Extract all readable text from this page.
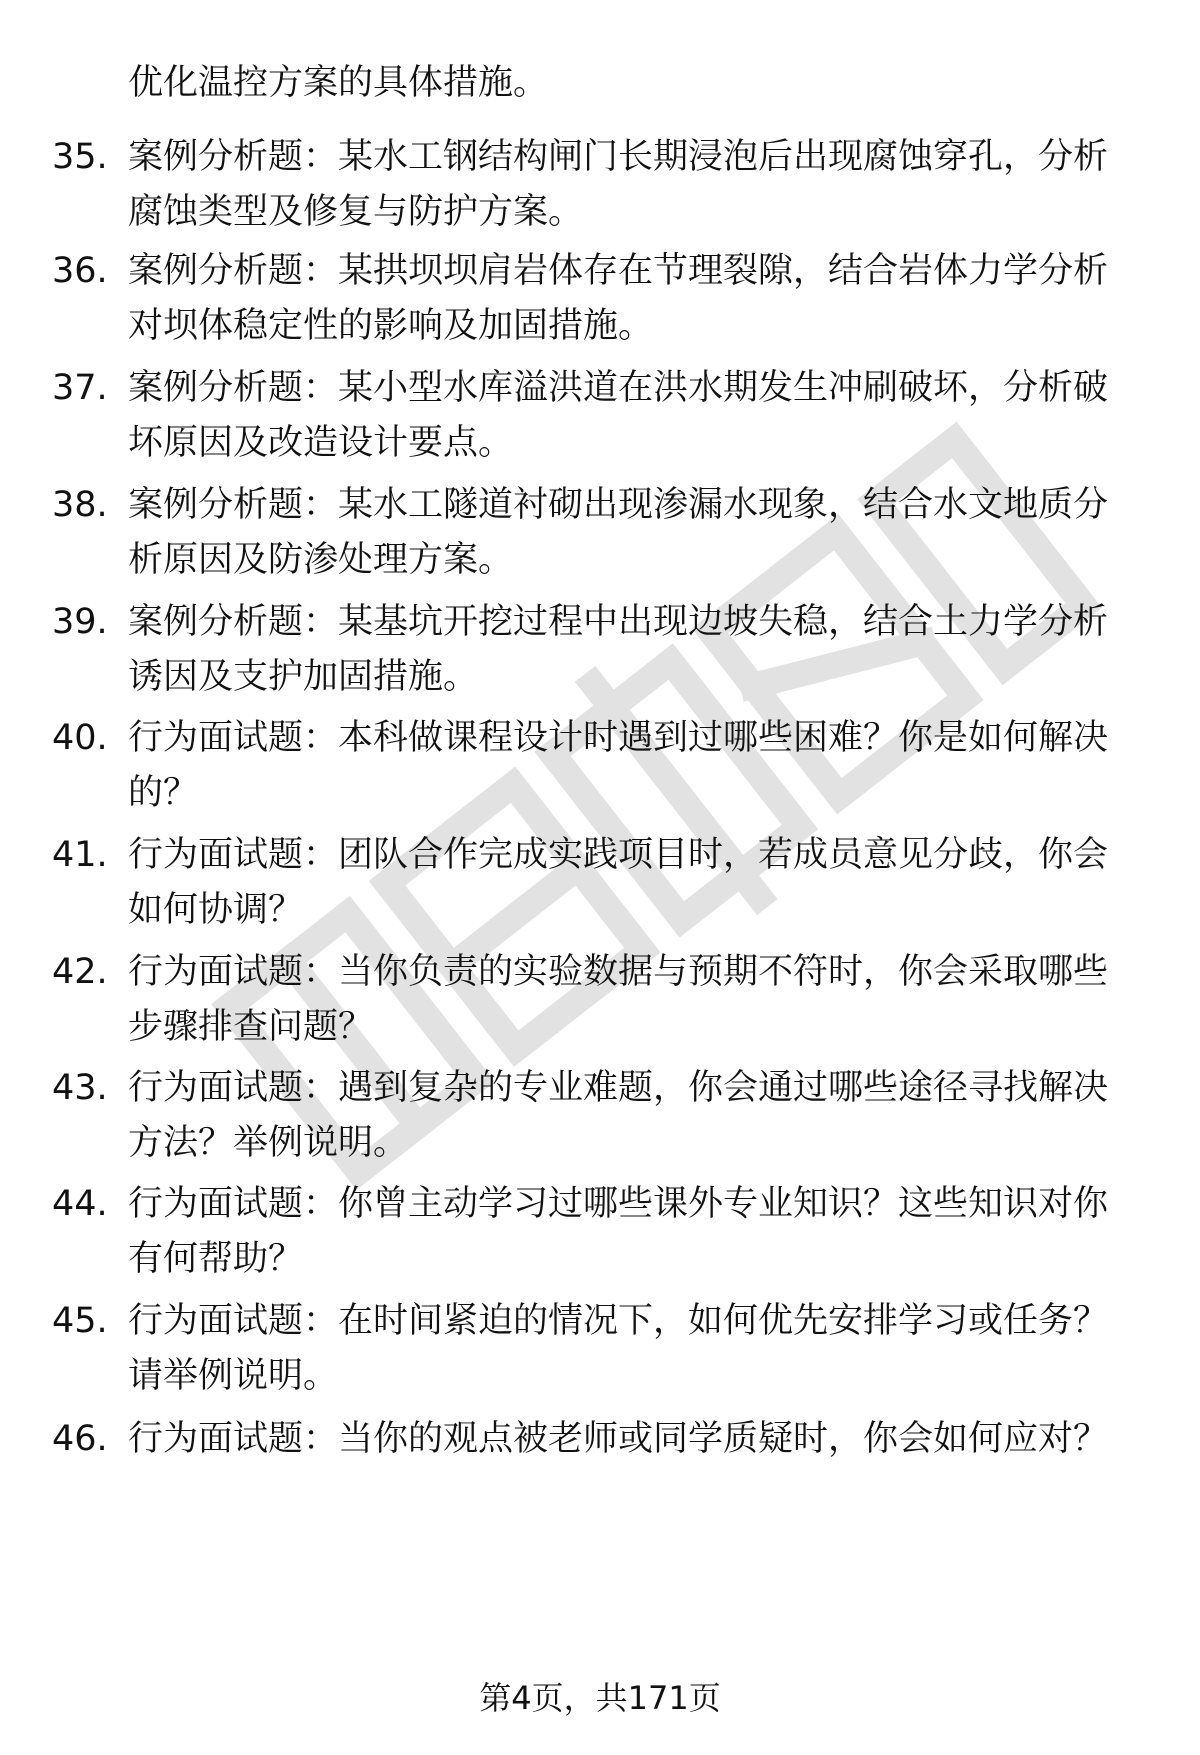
优化温控方案的具体措施。
35. 案例分析题：某水工钢结构闸门长期浸泡后出现腐蚀穿孔，分析
腐蚀类型及修复与防护方案。
36. 案例分析题：某拱坝坝肩岩体存在节理裂隙，结合岩体力学分析
对坝体稳定性的影响及加固措施。
37. 案例分析题：某小型水库溢洪道在洪水期发生冲刷破坏，分析破
坏原因及改造设计要点。
38. 案例分析题：某水工隧道衬砌出现渗漏水现象，结合水文地质分
析原因及防渗处理方案。
39. 案例分析题：某基坑开挖过程中出现边坡失稳，结合土力学分析
诱因及支护加固措施。
40. 行为面试题：本科做课程设计时遇到过哪些困难？你是如何解决
的？
41. 行为面试题：团队合作完成实践项目时，若成员意见分歧，你会
如何协调？
42. 行为面试题：当你负责的实验数据与预期不符时，你会采取哪些
步骤排查问题？
43. 行为面试题：遇到复杂的专业难题，你会通过哪些途径寻找解决
方法？举例说明。
44. 行为面试题：你曾主动学习过哪些课外专业知识？这些知识对你
有何帮助？
45. 行为面试题：在时间紧迫的情况下，如何优先安排学习或任务？
请举例说明。
46. 行为面试题：当你的观点被老师或同学质疑时，你会如何应对？
第4页，共171页
